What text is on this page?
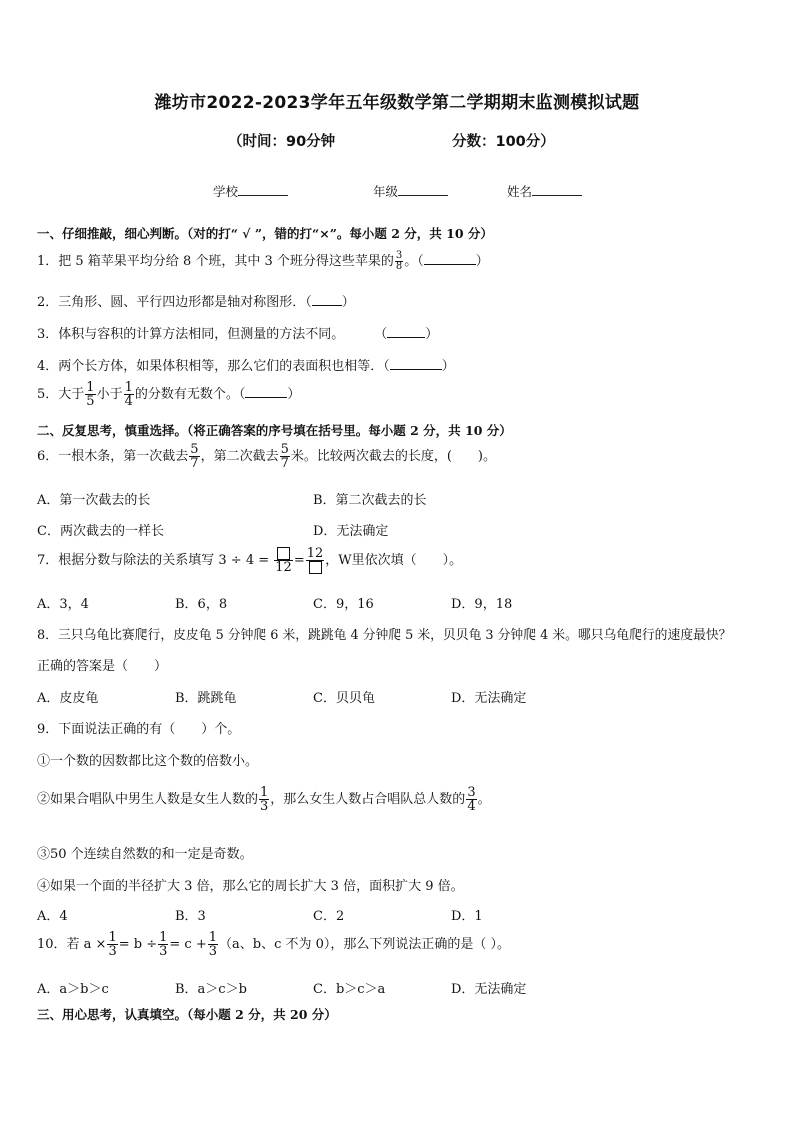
潍坊市2022-2023学年五年级数学第二学期期末监测模拟试题
（时间：90分钟	分数：100分）
学校	年级	姓名
一、仔细推敲，细心判断。（对的打“ √ ”，错的打“×”。每小题 2 分，共 10 分）
1．把 5 箱苹果平均分给 8 个班，其中 3 个班分得这些苹果的 $\frac{3}{8}$ 。（	）
2．三角形、圆、平行四边形都是轴对称图形．（ ）
3．体积与容积的计算方法相同，但测量的方法不同。 （	）
4．两个长方体，如果体积相等，那么它们的表面积也相等．（	）
5．大于 $\frac{1}{5}$ 小于 $\frac{1}{4}$ 的分数有无数个。（	）
二、反复思考，慎重选择。（将正确答案的序号填在括号里。每小题 2 分，共 10 分）
6．一根木条，第一次截去 $\frac{5}{7}$ ，第二次截去 $\frac{5}{7}$ 米。比较两次截去的长度，(　　)。
A．第一次截去的长	B．第二次截去的长
C．两次截去的一样长	D．无法确定
7．根据分数与除法的关系填写 3 ÷ 4 = 12 = 12 ，W里依次填（　　）。
A．3，4	B．6，8	C．9，16	D．9，18
8．三只乌龟比赛爬行，皮皮龟 5 分钟爬 6 米，跳跳龟 4 分钟爬 5 米，贝贝龟 3 分钟爬 4 米。哪只乌龟爬行的速度最快？
正确的答案是（　　）
A．皮皮龟	B．跳跳龟	C．贝贝龟	D．无法确定
9．下面说法正确的有（　　）个。
①一个数的因数都比这个数的倍数小。
②如果合唱队中男生人数是女生人数的 $\frac{1}{3}$ ，那么女生人数占合唱队总人数的 $\frac{3}{4}$ 。
③50 个连续自然数的和一定是奇数。
④如果一个面的半径扩大 3 倍，那么它的周长扩大 3 倍，面积扩大 9 倍。
A．4	B．3	C．2	D．1
10．若 $a \times \frac{1}{3} = b \div \frac{1}{3} = c + \frac{1}{3} (a$、b、c 不为 0），那么下列说法正确的是（ ）。
A．a＞b＞c	B．a＞c＞b	C．b＞c＞a	D．无法确定
三、用心思考，认真填空。（每小题 2 分，共 20 分）
